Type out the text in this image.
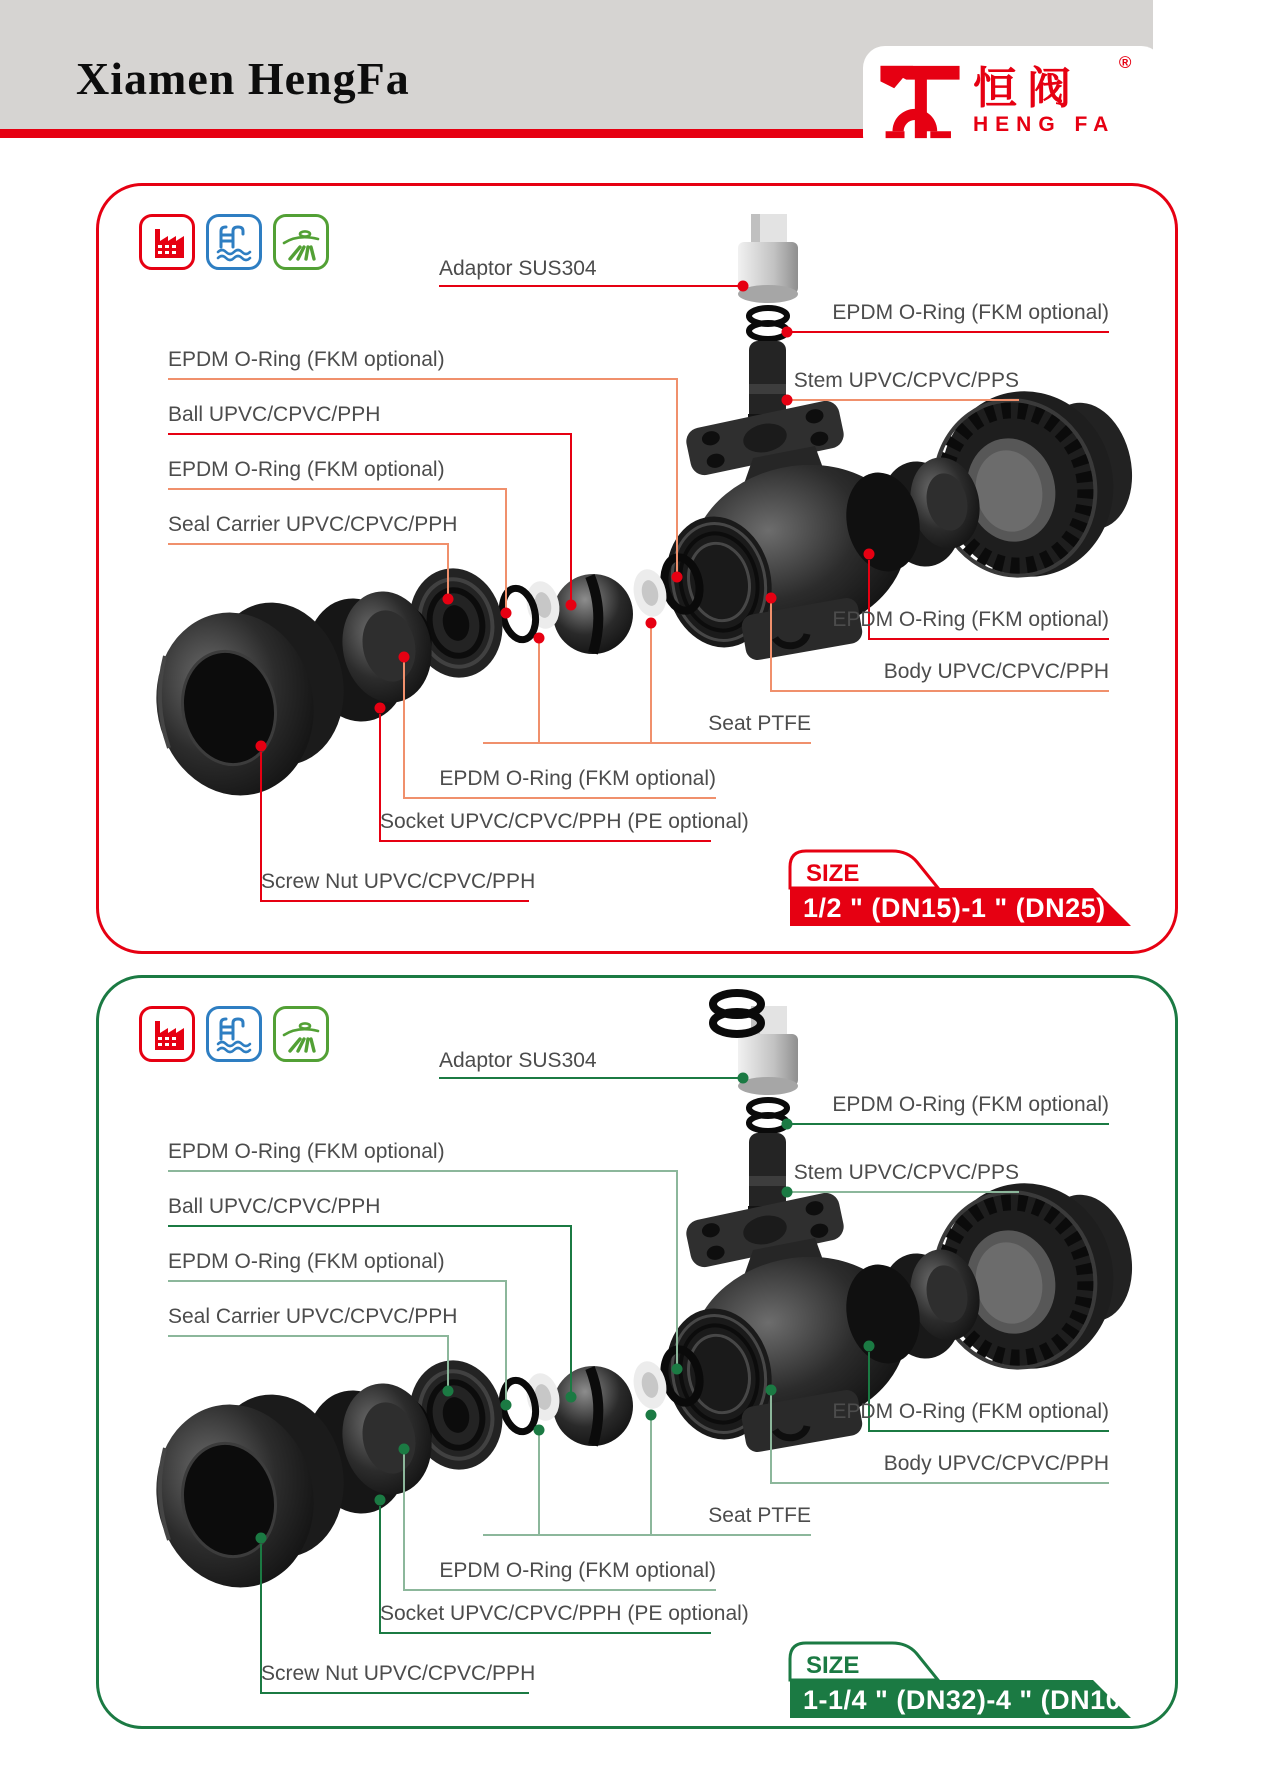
Xiamen HengFa	恒阀
®
HENG FA
SIZE
1/2 " (DN15)-1 " (DN25)
Adaptor SUS304
EPDM O-Ring (FKM optional)
Stem UPVC/CPVC/PPS
EPDM O-Ring (FKM optional)
Ball UPVC/CPVC/PPH
EPDM O-Ring (FKM optional)
Seal Carrier UPVC/CPVC/PPH
EPDM O-Ring (FKM optional)
Body UPVC/CPVC/PPH
Seat PTFE
EPDM O-Ring (FKM optional)
Socket UPVC/CPVC/PPH (PE optional)
Screw Nut UPVC/CPVC/PPH
SIZE
1-1/4 " (DN32)-4 " (DN100)
Adaptor SUS304
EPDM O-Ring (FKM optional)
Stem UPVC/CPVC/PPS
EPDM O-Ring (FKM optional)
Ball UPVC/CPVC/PPH
EPDM O-Ring (FKM optional)
Seal Carrier UPVC/CPVC/PPH
EPDM O-Ring (FKM optional)
Body UPVC/CPVC/PPH
Seat PTFE
EPDM O-Ring (FKM optional)
Socket UPVC/CPVC/PPH (PE optional)
Screw Nut UPVC/CPVC/PPH
